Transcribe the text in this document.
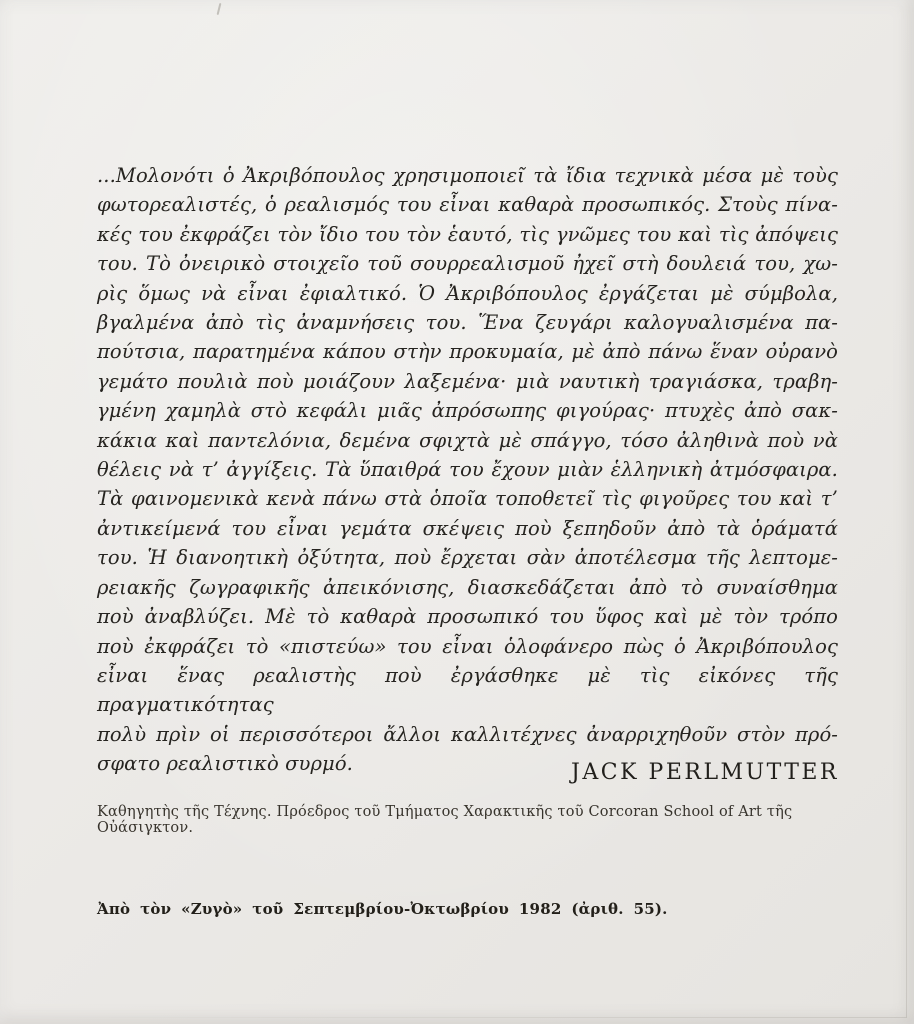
...Μολονότι ὁ Ἀκριβόπουλος χρησιμοποιεῖ τὰ ἴδια τεχνικὰ μέσα μὲ τοὺς
φωτορεαλιστές, ὁ ρεαλισμός του εἶναι καθαρὰ προσωπικός. Στοὺς πίνα-
κές του ἐκφράζει τὸν ἴδιο του τὸν ἑαυτό, τὶς γνῶμες του καὶ τὶς ἀπόψεις
του. Τὸ ὀνειρικὸ στοιχεῖο τοῦ σουρρεαλισμοῦ ἠχεῖ στὴ δουλειά του, χω-
ρὶς ὅμως νὰ εἶναι ἐφιαλτικό. Ὁ Ἀκριβόπουλος ἐργάζεται μὲ σύμβολα,
βγαλμένα ἀπὸ τὶς ἀναμνήσεις του. Ἕνα ζευγάρι καλογυαλισμένα πα-
πούτσια, παρατημένα κάπου στὴν προκυμαία, μὲ ἀπὸ πάνω ἕναν οὐρανὸ
γεμάτο πουλιὰ ποὺ μοιάζουν λαξεμένα· μιὰ ναυτικὴ τραγιάσκα, τραβη-
γμένη χαμηλὰ στὸ κεφάλι μιᾶς ἀπρόσωπης φιγούρας· πτυχὲς ἀπὸ σακ-
κάκια καὶ παντελόνια, δεμένα σφιχτὰ μὲ σπάγγο, τόσο ἀληθινὰ ποὺ νὰ
θέλεις νὰ τ’ ἀγγίξεις. Τὰ ὕπαιθρά του ἔχουν μιὰν ἑλληνικὴ ἀτμόσφαιρα.
Τὰ φαινομενικὰ κενὰ πάνω στὰ ὁποῖα τοποθετεῖ τὶς φιγοῦρες του καὶ τ’
ἀντικείμενά του εἶναι γεμάτα σκέψεις ποὺ ξεπηδοῦν ἀπὸ τὰ ὁράματά
του. Ἡ διανοητικὴ ὀξύτητα, ποὺ ἔρχεται σὰν ἀποτέλεσμα τῆς λεπτομε-
ρειακῆς ζωγραφικῆς ἀπεικόνισης, διασκεδάζεται ἀπὸ τὸ συναίσθημα
ποὺ ἀναβλύζει. Μὲ τὸ καθαρὰ προσωπικό του ὕφος καὶ μὲ τὸν τρόπο
ποὺ ἐκφράζει τὸ «πιστεύω» του εἶναι ὁλοφάνερο πὼς ὁ Ἀκριβόπουλος
εἶναι ἕνας ρεαλιστὴς ποὺ ἐργάσθηκε μὲ τὶς εἰκόνες τῆς πραγματικότητας
πολὺ πρὶν οἱ περισσότεροι ἄλλοι καλλιτέχνες ἀναρριχηθοῦν στὸν πρό-
σφατο ρεαλιστικὸ συρμό.	JACK PERLMUTTER
Καθηγητὴς τῆς Τέχνης. Πρόεδρος τοῦ Τμήματος Χαρακτικῆς τοῦ Corcoran School of Art τῆς Οὐάσιγκτον.
Ἀπὸ τὸν «Ζυγὸ» τοῦ Σεπτεμβρίου-Ὀκτωβρίου 1982 (ἀριθ. 55).
